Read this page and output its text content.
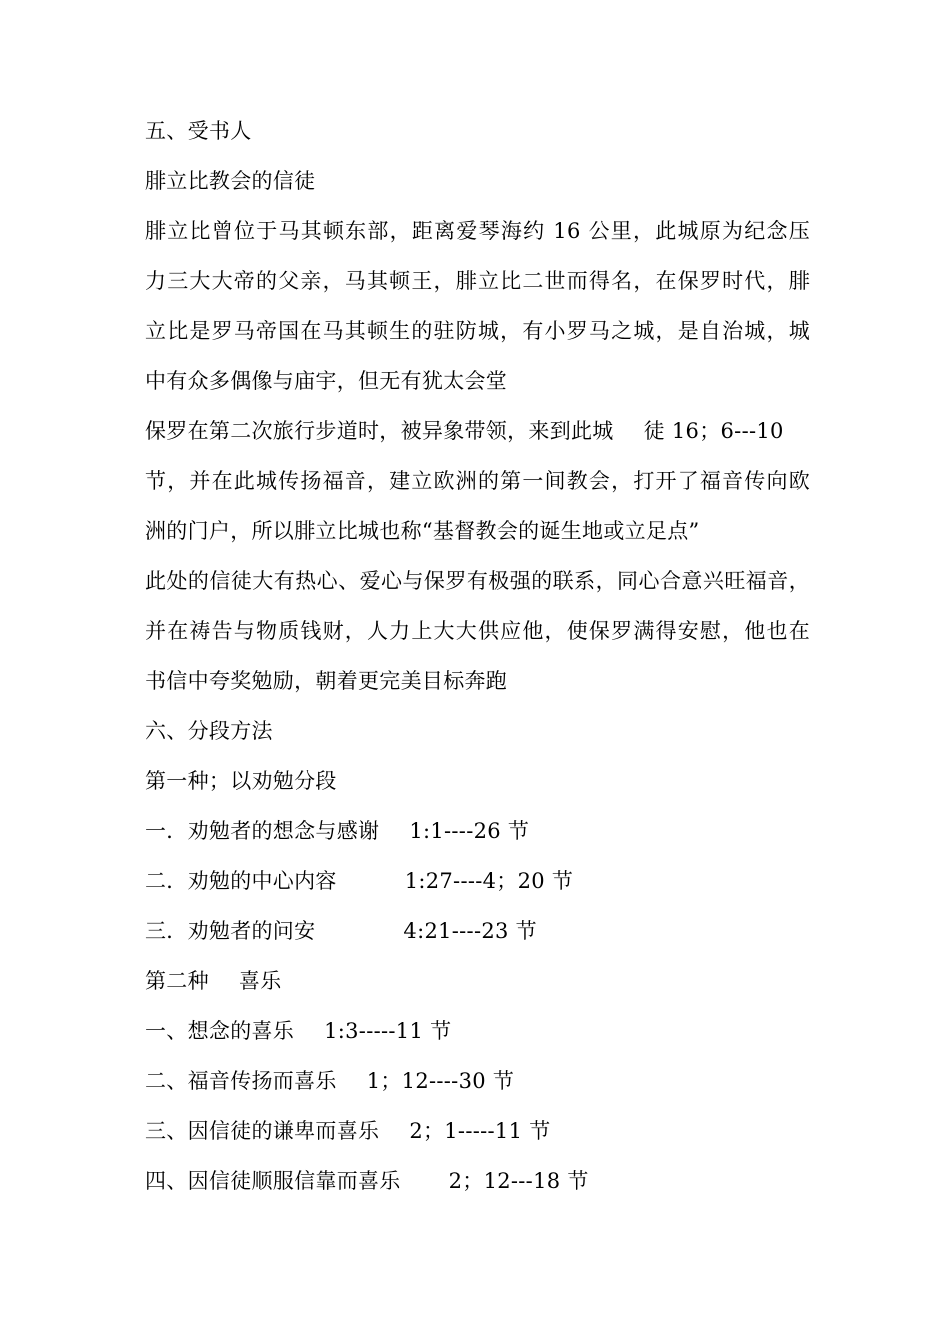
五、受书人
腓立比教会的信徒
腓立比曾位于马其顿东部，距离爱琴海约 16 公里，此城原为纪念压
力三大大帝的父亲，马其顿王，腓立比二世而得名，在保罗时代，腓
立比是罗马帝国在马其顿生的驻防城，有小罗马之城，是自治城，城
中有众多偶像与庙宇，但无有犹太会堂
保罗在第二次旅行步道时，被异象带领，来到此城 徒 16；6---10
节，并在此城传扬福音，建立欧洲的第一间教会，打开了福音传向欧
洲的门户，所以腓立比城也称“基督教会的诞生地或立足点”
此处的信徒大有热心、爱心与保罗有极强的联系，同心合意兴旺福音，
并在祷告与物质钱财，人力上大大供应他，使保罗满得安慰，他也在
书信中夸奖勉励，朝着更完美目标奔跑
六、分段方法
第一种；以劝勉分段
一．劝勉者的想念与感谢 1:1----26 节
二．劝勉的中心内容	1:27----4；20 节
三．劝勉者的问安	4:21----23 节
第二种 喜乐
一、想念的喜乐 1:3-----11 节
二、福音传扬而喜乐 1；12----30 节
三、因信徒的谦卑而喜乐 2；1-----11 节
四、因信徒顺服信靠而喜乐 2；12---18 节
